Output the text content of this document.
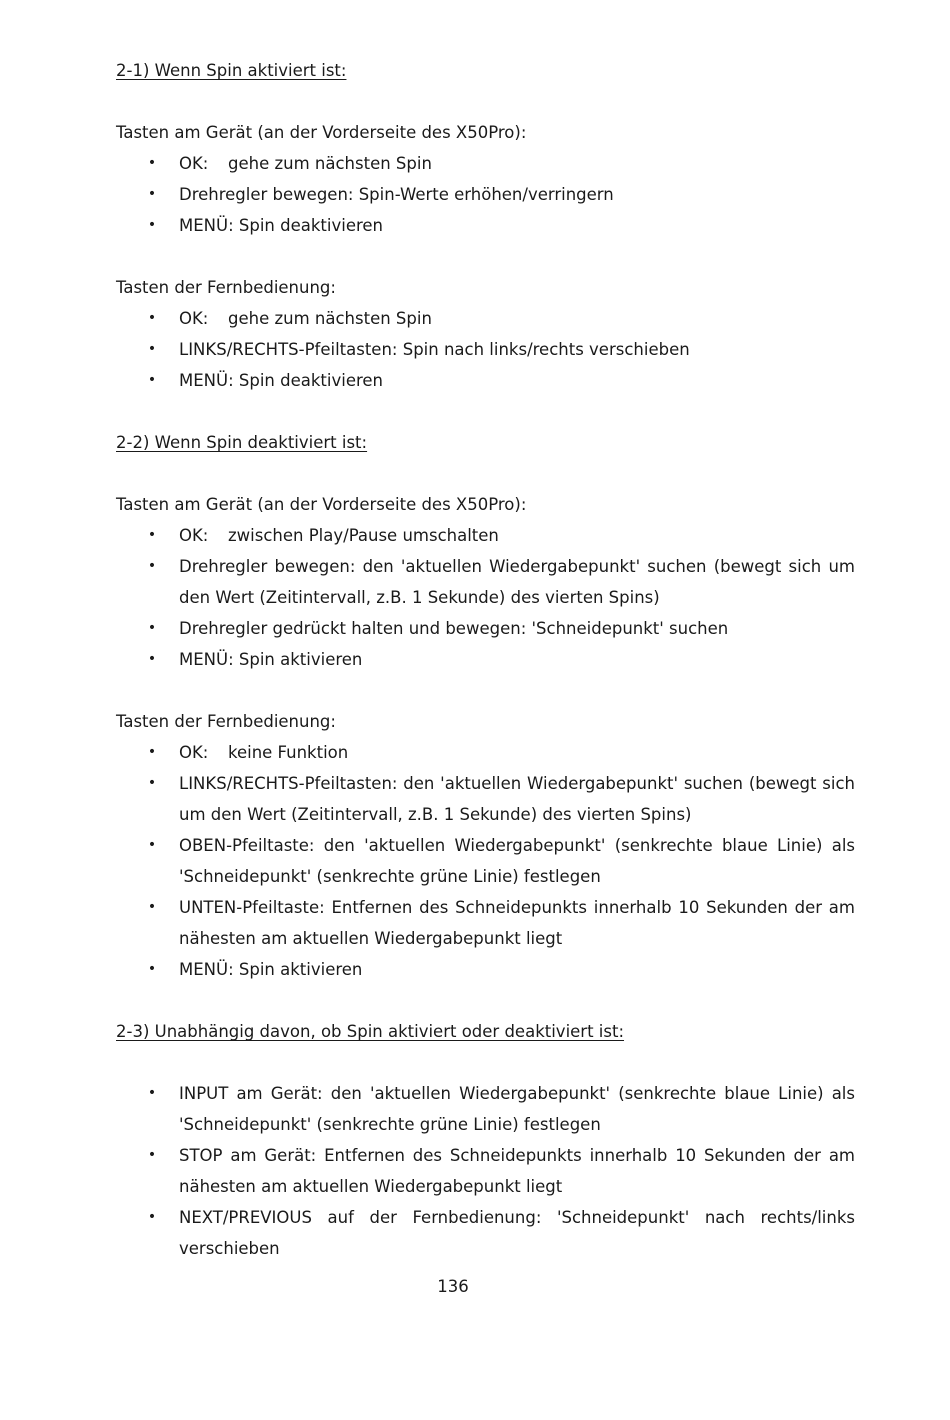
2-1) Wenn Spin aktiviert ist:

Tasten am Gerät (an der Vorderseite des X50Pro):

• OK: gehe zum nächsten Spin
• Drehregler bewegen: Spin-Werte erhöhen/verringern
• MENÜ: Spin deaktivieren

Tasten der Fernbedienung:

• OK: gehe zum nächsten Spin
• LINKS/RECHTS-Pfeiltasten: Spin nach links/rechts verschieben
• MENÜ: Spin deaktivieren

2-2) Wenn Spin deaktiviert ist:

Tasten am Gerät (an der Vorderseite des X50Pro):

• OK: zwischen Play/Pause umschalten
• Drehregler bewegen: den 'aktuellen Wiedergabepunkt' suchen (bewegt sich um den Wert (Zeitintervall, z.B. 1 Sekunde) des vierten Spins)
• Drehregler gedrückt halten und bewegen: 'Schneidepunkt' suchen
• MENÜ: Spin aktivieren

Tasten der Fernbedienung:

• OK: keine Funktion
• LINKS/RECHTS-Pfeiltasten: den 'aktuellen Wiedergabepunkt' suchen (bewegt sich um den Wert (Zeitintervall, z.B. 1 Sekunde) des vierten Spins)
• OBEN-Pfeiltaste: den 'aktuellen Wiedergabepunkt' (senkrechte blaue Linie) als 'Schneidepunkt' (senkrechte grüne Linie) festlegen
• UNTEN-Pfeiltaste: Entfernen des Schneidepunkts innerhalb 10 Sekunden der am nähesten am aktuellen Wiedergabepunkt liegt
• MENÜ: Spin aktivieren

2-3) Unabhängig davon, ob Spin aktiviert oder deaktiviert ist:

• INPUT am Gerät: den 'aktuellen Wiedergabepunkt' (senkrechte blaue Linie) als 'Schneidepunkt' (senkrechte grüne Linie) festlegen
• STOP am Gerät: Entfernen des Schneidepunkts innerhalb 10 Sekunden der am nähesten am aktuellen Wiedergabepunkt liegt
• NEXT/PREVIOUS auf der Fernbedienung: 'Schneidepunkt' nach rechts/links verschieben
136
